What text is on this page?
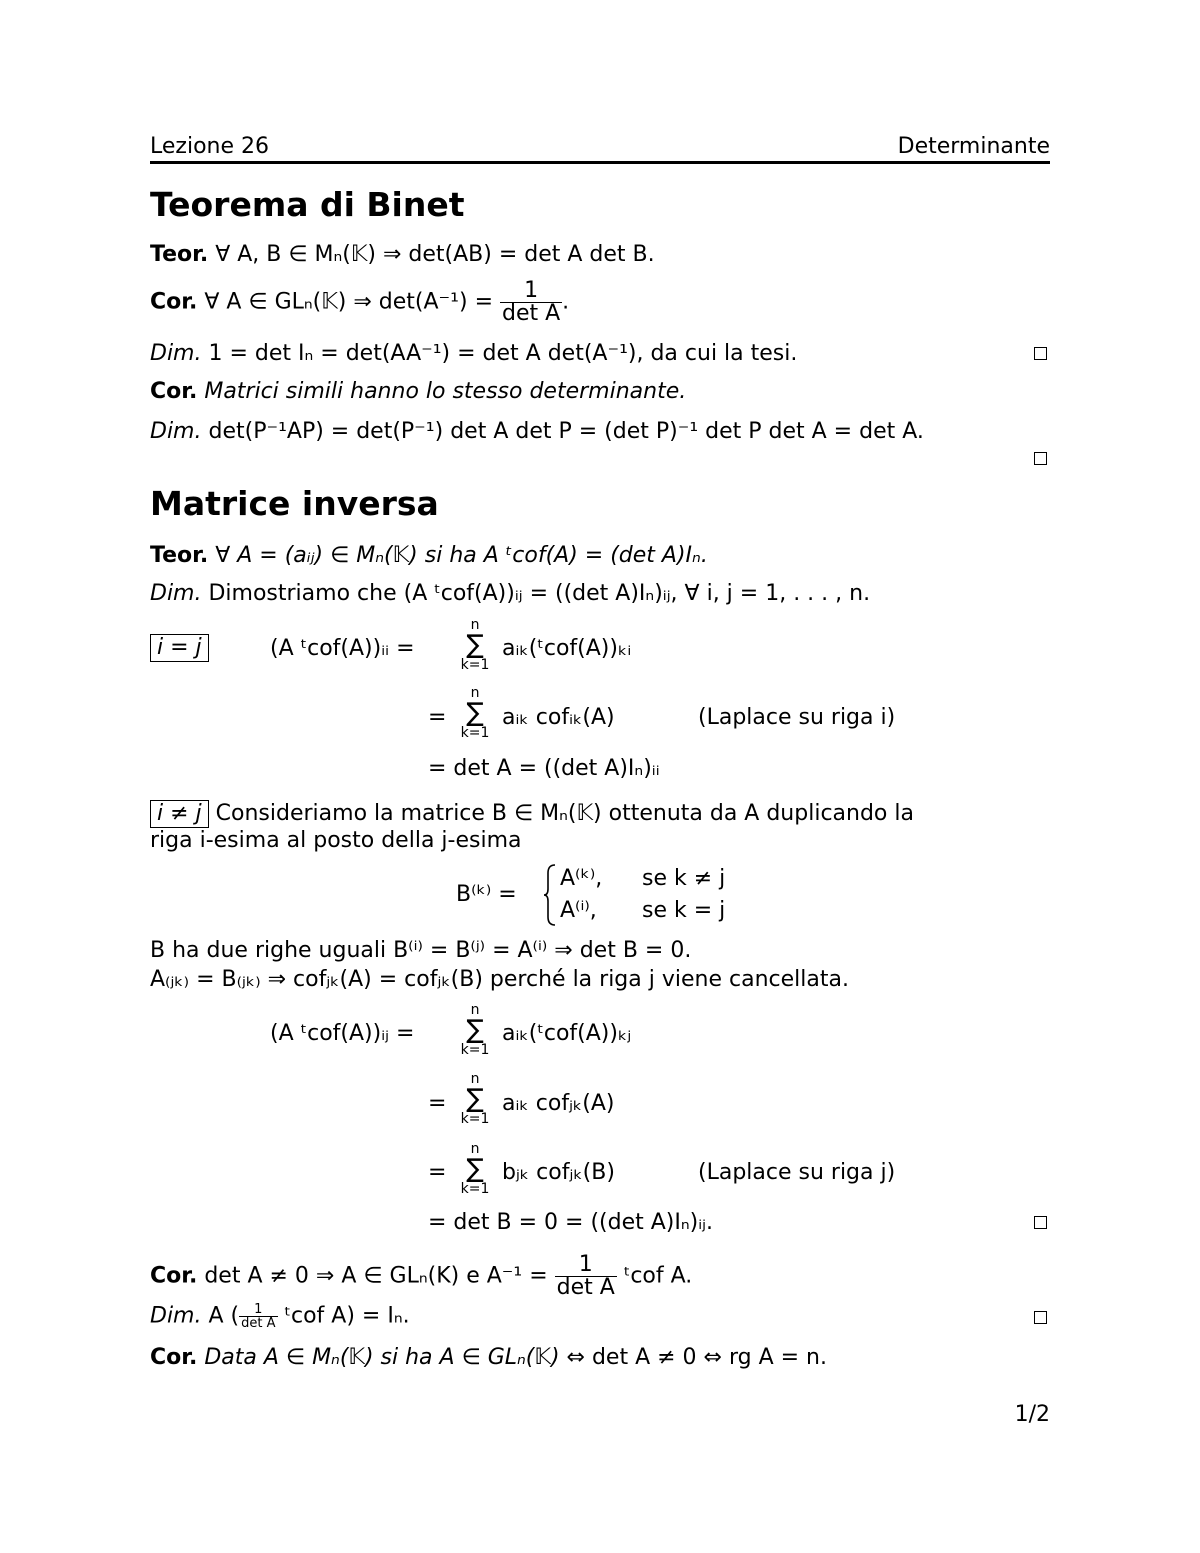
Lezione 26	Determinante
Teorema di Binet
Teor. ∀ A, B ∈ Mₙ(𝕂) ⇒ det(AB) = det A det B.
Cor. ∀ A ∈ GLₙ(𝕂) ⇒ $\det(A^{-1}) = \frac{1}{\text{det A}}$ .
Dim. 1 = det Iₙ = det(AA⁻¹) = det A det(A⁻¹), da cui la tesi.
Cor. Matrici simili hanno lo stesso determinante.
Dim. det(P⁻¹AP) = det(P⁻¹) det A det P = (det P)⁻¹ det P det A = det A.
Matrice inversa
Teor. ∀ A = (aᵢⱼ) ∈ Mₙ(𝕂) si ha A ᵗcof(A) = (det A)Iₙ.
Dim. Dimostriamo che (A ᵗcof(A))ᵢⱼ = ((det A)Iₙ)ᵢⱼ, ∀ i, j = 1, . . . , n.
i = j	(A ᵗcof(A))ᵢᵢ =
n
∑
k=1
aᵢₖ(ᵗcof(A))ₖᵢ
=
n
∑
k=1
aᵢₖ cofᵢₖ(A)	(Laplace su riga i)
= det A = ((det A)Iₙ)ᵢᵢ
i ≠ j Consideriamo la matrice B ∈ Mₙ(𝕂) ottenuta da A duplicando la
riga i-esima al posto della j-esima
B⁽ᵏ⁾ =
A⁽ᵏ⁾, se k ≠ j
A⁽ⁱ⁾, se k = j
B ha due righe uguali B⁽ⁱ⁾ = B⁽ʲ⁾ = A⁽ⁱ⁾ ⇒ det B = 0.
A₍ⱼₖ₎ = B₍ⱼₖ₎ ⇒ cofⱼₖ(A) = cofⱼₖ(B) perché la riga j viene cancellata.
(A ᵗcof(A))ᵢⱼ =
n
∑
k=1
aᵢₖ(ᵗcof(A))ₖⱼ
=
n
∑
k=1
aᵢₖ cofⱼₖ(A)
=
n
∑
k=1
bⱼₖ cofⱼₖ(B)	(Laplace su riga j)
= det B = 0 = ((det A)Iₙ)ᵢⱼ.
Cor. det A ≠ 0 ⇒ A ∈ GLₙ(K) e $A^{-1} = \frac{1}{\text{det A}}$ ᵗcof A.
Dim. A ( $\frac{1}{\text{det A}}$ ᵗcof A) = Iₙ.
Cor. Data A ∈ Mₙ(𝕂) si ha A ∈ GLₙ(𝕂) ⇔ det A ≠ 0 ⇔ rg A = n.
1/2
